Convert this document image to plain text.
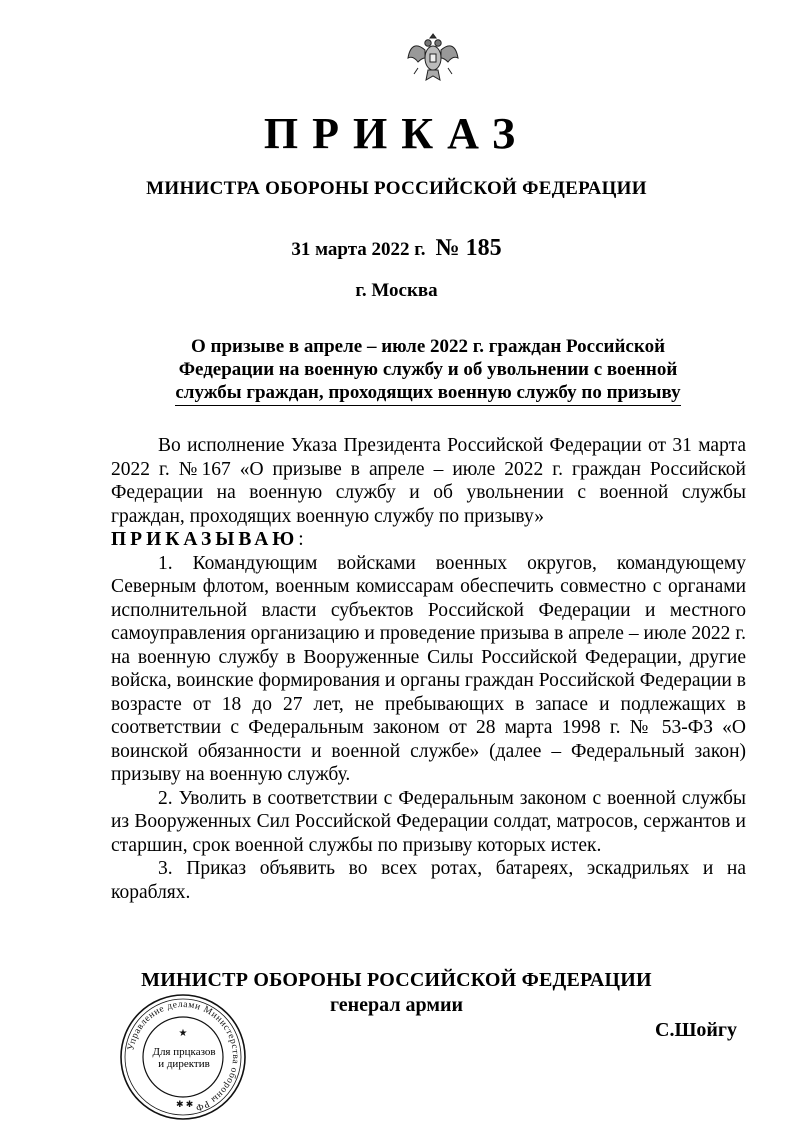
ПРИКАЗ
МИНИСТРА ОБОРОНЫ РОССИЙСКОЙ ФЕДЕРАЦИИ
31 марта 2022 г. № 185
г. Москва
О призыве в апреле – июле 2022 г. граждан Российской
Федерации на военную службу и об увольнении с военной
службы граждан, проходящих военную службу по призыву

Во исполнение Указа Президента Российской Федерации от 31 марта 2022 г. №167 «О призыве в апреле – июле 2022 г. граждан Российской Федерации на военную службу и об увольнении с военной службы граждан, проходящих военную службу по призыву»

ПРИКАЗЫВАЮ:

1. Командующим войсками военных округов, командующему Северным флотом, военным комиссарам обеспечить совместно с органами исполнительной власти субъектов Российской Федерации и местного самоуправления организацию и проведение призыва в апреле – июле 2022 г. на военную службу в Вооруженные Силы Российской Федерации, другие войска, воинские формирования и органы граждан Российской Федерации в возрасте от 18 до 27 лет, не пребывающих в запасе и подлежащих в соответствии с Федеральным законом от 28 марта 1998 г. № 53-ФЗ «О воинской обязанности и военной службе» (далее – Федеральный закон) призыву на военную службу.

2. Уволить в соответствии с Федеральным законом с военной службы из Вооруженных Сил Российской Федерации солдат, матросов, сержантов и старшин, срок военной службы по призыву которых истек.

3. Приказ объявить во всех ротах, батареях, эскадрильях и на кораблях.

МИНИСТР ОБОРОНЫ РОССИЙСКОЙ ФЕДЕРАЦИИ
генерал армии
С.Шойгу
Управление делами Министерства обороны РФ
★
✱ ✱
Для прцказов и директив
